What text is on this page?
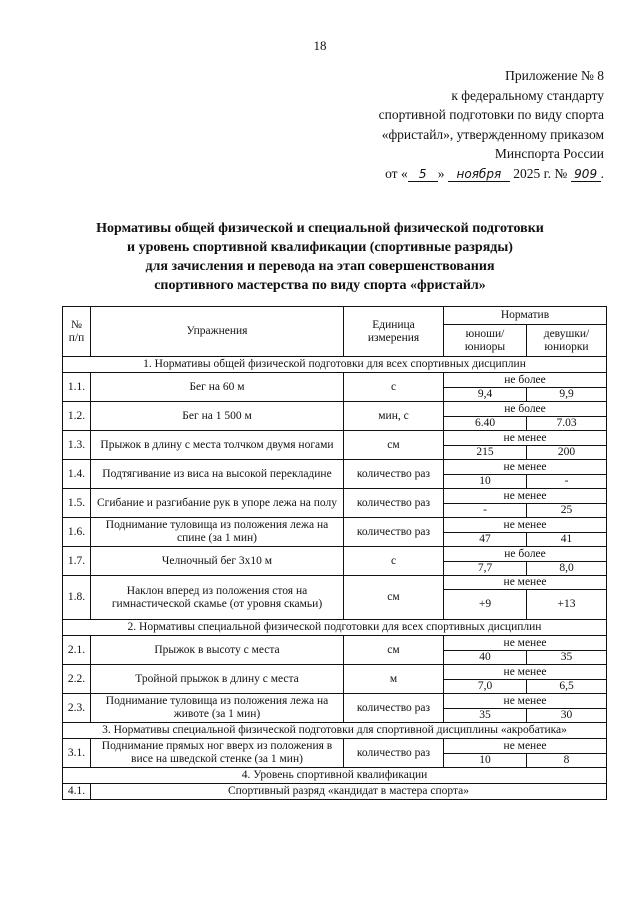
18
Приложение № 8
к федеральному стандарту
спортивной подготовки по виду спорта
«фристайл», утвержденному приказом
Минспорта России
от « 5 » ноября 2025 г. № 909 .
Нормативы общей физической и специальной физической подготовки
и уровень спортивной квалификации (спортивные разряды)
для зачисления и перевода на этап совершенствования
спортивного мастерства по виду спорта «фристайл»
№ п/п	Упражнения	Единица измерения	Норматив	
			юноши/ юниоры	девушки/ юниорки
1. Нормативы общей физической подготовки для всех спортивных дисциплин				
1.1.	Бег на 60 м	с	не более	
			9,4	9,9
1.2.	Бег на 1 500 м	мин, с	не более	
			6.40	7.03
1.3.	Прыжок в длину с места толчком двумя ногами	см	не менее	
			215	200
1.4.	Подтягивание из виса на высокой перекладине	количество раз	не менее	
			10	-
1.5.	Сгибание и разгибание рук в упоре лежа на полу	количество раз	не менее	
			-	25
1.6.	Поднимание туловища из положения лежа на спине (за 1 мин)	количество раз	не менее	
			47	41
1.7.	Челночный бег 3х10 м	с	не более	
			7,7	8,0
1.8.	Наклон вперед из положения стоя на гимнастической скамье (от уровня скамьи)	см	не менее	
			+9	+13
2. Нормативы специальной физической подготовки для всех спортивных дисциплин				
2.1.	Прыжок в высоту с места	см	не менее	
			40	35
2.2.	Тройной прыжок в длину с места	м	не менее	
			7,0	6,5
2.3.	Поднимание туловища из положения лежа на животе (за 1 мин)	количество раз	не менее	
			35	30
3. Нормативы специальной физической подготовки для спортивной дисциплины «акробатика»				
3.1.	Поднимание прямых ног вверх из положения в висе на шведской стенке (за 1 мин)	количество раз	не менее	
			10	8
4. Уровень спортивной квалификации				
4.1.	Спортивный разряд «кандидат в мастера спорта»			
